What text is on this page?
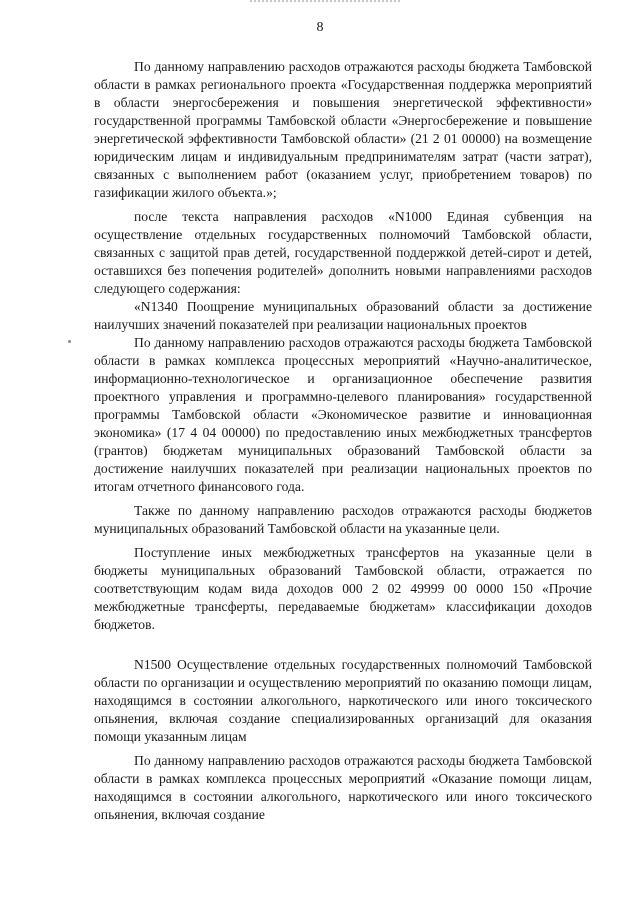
8

По данному направлению расходов отражаются расходы бюджета Тамбовской области в рамках регионального проекта «Государственная поддержка мероприятий в области энергосбережения и повышения энергетической эффективности» государственной программы Тамбовской области «Энергосбережение и повышение энергетической эффективности Тамбовской области» (21 2 01 00000) на возмещение юридическим лицам и индивидуальным предпринимателям затрат (части затрат), связанных с выполнением работ (оказанием услуг, приобретением товаров) по газификации жилого объекта.»;

после текста направления расходов «N1000 Единая субвенция на осуществление отдельных государственных полномочий Тамбовской области, связанных с защитой прав детей, государственной поддержкой детей-сирот и детей, оставшихся без попечения родителей» дополнить новыми направлениями расходов следующего содержания:

«N1340 Поощрение муниципальных образований области за достижение наилучших значений показателей при реализации национальных проектов

По данному направлению расходов отражаются расходы бюджета Тамбовской области в рамках комплекса процессных мероприятий «Научно-аналитическое, информационно-технологическое и организационное обеспечение развития проектного управления и программно-целевого планирования» государственной программы Тамбовской области «Экономическое развитие и инновационная экономика» (17 4 04 00000) по предоставлению иных межбюджетных трансфертов (грантов) бюджетам муниципальных образований Тамбовской области за достижение наилучших показателей при реализации национальных проектов по итогам отчетного финансового года.

Также по данному направлению расходов отражаются расходы бюджетов муниципальных образований Тамбовской области на указанные цели.

Поступление иных межбюджетных трансфертов на указанные цели в бюджеты муниципальных образований Тамбовской области, отражается по соответствующим кодам вида доходов 000 2 02 49999 00 0000 150 «Прочие межбюджетные трансферты, передаваемые бюджетам» классификации доходов бюджетов.

N1500 Осуществление отдельных государственных полномочий Тамбовской области по организации и осуществлению мероприятий по оказанию помощи лицам, находящимся в состоянии алкогольного, наркотического или иного токсического опьянения, включая создание специализированных организаций для оказания помощи указанным лицам

По данному направлению расходов отражаются расходы бюджета Тамбовской области в рамках комплекса процессных мероприятий «Оказание помощи лицам, находящимся в состоянии алкогольного, наркотического или иного токсического опьянения, включая создание
